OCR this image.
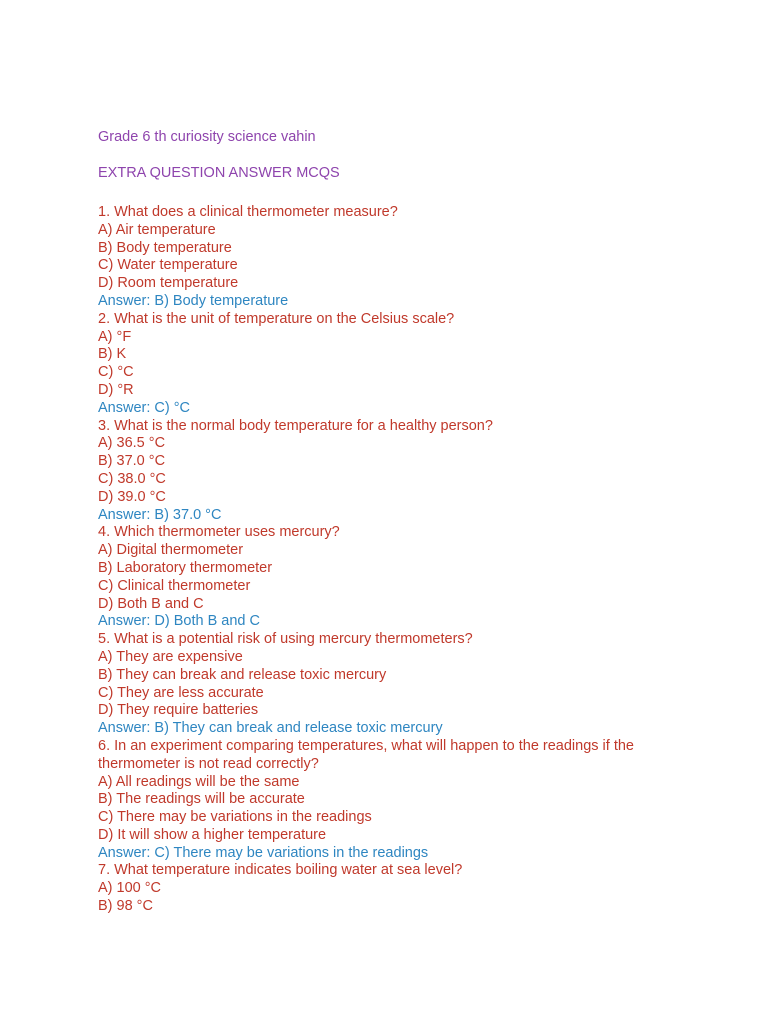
Grade 6 th curiosity science vahin
EXTRA QUESTION ANSWER MCQS
1. What does a clinical thermometer measure?
A) Air temperature
B) Body temperature
C) Water temperature
D) Room temperature
Answer: B) Body temperature
2. What is the unit of temperature on the Celsius scale?
A) °F
B) K
C) °C
D) °R
Answer: C) °C
3. What is the normal body temperature for a healthy person?
A) 36.5 °C
B) 37.0 °C
C) 38.0 °C
D) 39.0 °C
Answer: B) 37.0 °C
4. Which thermometer uses mercury?
A) Digital thermometer
B) Laboratory thermometer
C) Clinical thermometer
D) Both B and C
Answer: D) Both B and C
5. What is a potential risk of using mercury thermometers?
A) They are expensive
B) They can break and release toxic mercury
C) They are less accurate
D) They require batteries
Answer: B) They can break and release toxic mercury
6. In an experiment comparing temperatures, what will happen to the readings if the thermometer is not read correctly?
A) All readings will be the same
B) The readings will be accurate
C) There may be variations in the readings
D) It will show a higher temperature
Answer: C) There may be variations in the readings
7. What temperature indicates boiling water at sea level?
A) 100 °C
B) 98 °C
